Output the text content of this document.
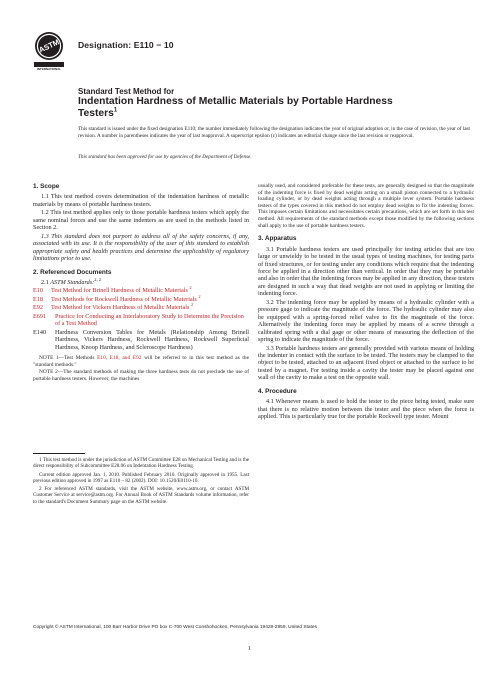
ASTM
INTERNATIONAL
Designation: E110 − 10
Standard Test Method for
Indentation Hardness of Metallic Materials by Portable Hardness Testers$^1$
This standard is issued under the fixed designation E110; the number immediately following the designation indicates the year of original adoption or, in the case of revision, the year of last revision. A number in parentheses indicates the year of last reapproval. A superscript epsilon (ε) indicates an editorial change since the last revision or reapproval.
This standard has been approved for use by agencies of the Department of Defense.
1. Scope
1.1 This test method covers determination of the indentation hardness of metallic materials by means of portable hardness testers.
1.2 This test method applies only to those portable hardness testers which apply the same nominal forces and use the same indenters as are used in the methods listed in Section 2.
1.3 This standard does not purport to address all of the safety concerns, if any, associated with its use. It is the responsibility of the user of this standard to establish appropriate safety and health practices and determine the applicability of regulatory limitations prior to use.
2. Referenced Documents
2.1 ASTM Standards:$^{2, 2}$
E10	Test Method for Brinell Hardness of Metallic Materials $^2$
E18	Test Methods for Rockwell Hardness of Metallic Materials $^2$
E92	Test Method for Vickers Hardness of Metallic Materials $^2$
E691	Practice for Conducting an Interlaboratory Study to Determine the Precision of a Test Method
E140	Hardness Conversion Tables for Metals (Relationship Among Brinell Hardness, Vickers Hardness, Rockwell Hardness, Rockwell Superficial Hardness, Knoop Hardness, and Scleroscope Hardness)
NOTE 1—Test Methods E10, E18, and E92 will be referred to in this test method as the "standard methods."
NOTE 2—The standard methods of making the three hardness tests do not preclude the use of portable hardness testers. However, the machines
usually used, and considered preferable for these tests, are generally designed so that the magnitude of the indenting force is fixed by dead weights acting on a small piston connected to a hydraulic loading cylinder, or by dead weights acting through a multiple lever system. Portable hardness testers of the types covered in this method do not employ dead weights to fix the indenting forces. This imposes certain limitations and necessitates certain precautions, which are set forth in this test method. All requirements of the standard methods except those modified by the following sections shall apply to the use of portable hardness testers.
3. Apparatus
3.1 Portable hardness testers are used principally for testing articles that are too large or unwieldy to be tested in the usual types of testing machines, for testing parts of fixed structures, or for testing under any conditions which require that the indenting force be applied in a direction other than vertical. In order that they may be portable and also in order that the indenting forces may be applied in any direction, these testers are designed in such a way that dead weights are not used in applying or limiting the indenting force.
3.2 The indenting force may be applied by means of a hydraulic cylinder with a pressure gage to indicate the magnitude of the force. The hydraulic cylinder may also be equipped with a spring-forced relief valve to fix the magnitude of the force. Alternatively the indenting force may be applied by means of a screw through a calibrated spring with a dial gage or other means of measuring the deflection of the spring to indicate the magnitude of the force.
3.3 Portable hardness testers are generally provided with various means of holding the indenter in contact with the surface to be tested. The testers may be clamped to the object to be tested, attached to an adjacent fixed object or attached to the surface to be tested by a magnet. For testing inside a cavity the tester may be placed against one wall of the cavity to make a test on the opposite wall.
4. Procedure
4.1 Whenever means is used to hold the tester to the piece being tested, make sure that there is no relative motion between the tester and the piece when the force is applied. This is particularly true for the portable Rockwell type tester. Mount
1 This test method is under the jurisdiction of ASTM Committee E28 on Mechanical Testing and is the direct responsibility of Subcommittee E28.06 on Indentation Hardness Testing.
Current edition approved Jan. 1, 2010. Published February 2010. Originally approved in 1955. Last previous edition approved in 1997 as E110 – 82 (2002). DOI: 10.1520/E0110-10.
2 For referenced ASTM standards, visit the ASTM website, www.astm.org, or contact ASTM Customer Service at service@astm.org. For Annual Book of ASTM Standards volume information, refer to the standard's Document Summary page on the ASTM website.
Copyright © ASTM International, 100 Barr Harbor Drive PO box C-700 West Conshohocken, Pennsylvania 19428-2959, United States
1
